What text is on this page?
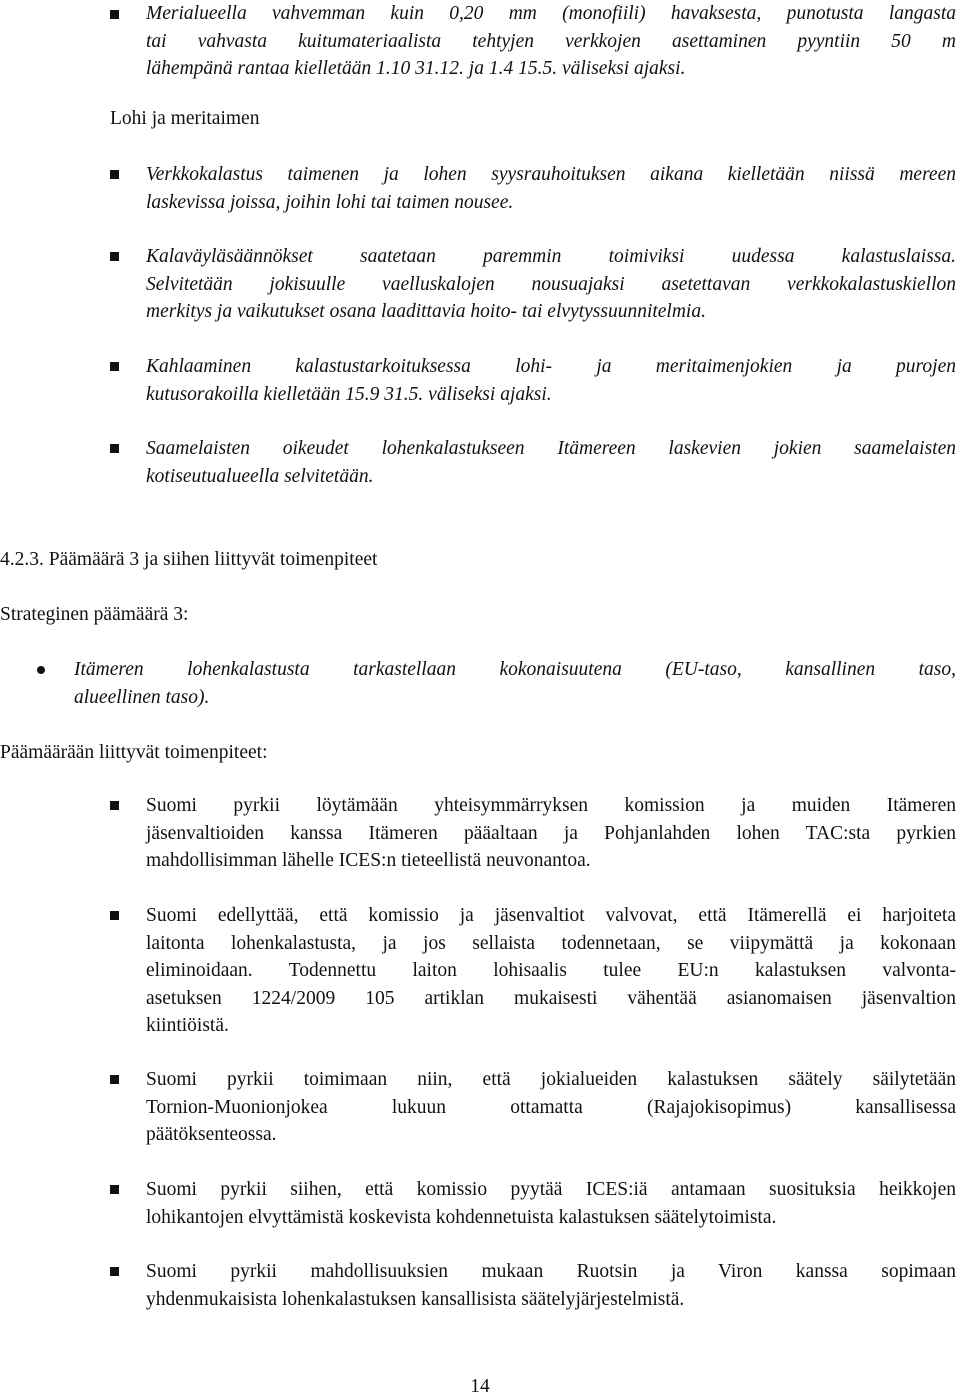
Merialueella vahvemman kuin 0,20 mm (monofiili) havaksesta, punotusta langasta
tai vahvasta kuitumateriaalista tehtyjen verkkojen asettaminen pyyntiin 50 m
lähempänä rantaa kielletään 1.10 31.12. ja 1.4 15.5. väliseksi ajaksi.

Lohi ja meritaimen

Verkkokalastus taimenen ja lohen syysrauhoituksen aikana kielletään niissä mereen
laskevissa joissa, joihin lohi tai taimen nousee.
Kalaväyläsäännökset saatetaan paremmin toimiviksi uudessa kalastuslaissa.
Selvitetään jokisuulle vaelluskalojen nousuajaksi asetettavan verkkokalastuskiellon
merkitys ja vaikutukset osana laadittavia hoito- tai elvytyssuunnitelmia.
Kahlaaminen kalastustarkoituksessa lohi- ja meritaimenjokien ja purojen
kutusorakoilla kielletään 15.9 31.5. väliseksi ajaksi.
Saamelaisten oikeudet lohenkalastukseen Itämereen laskevien jokien saamelaisten
kotiseutualueella selvitetään.

4.2.3. Päämäärä 3 ja siihen liittyvät toimenpiteet

Strateginen päämäärä 3:

Itämeren lohenkalastusta tarkastellaan kokonaisuutena (EU-taso, kansallinen taso,
alueellinen taso).

Päämäärään liittyvät toimenpiteet:

Suomi pyrkii löytämään yhteisymmärryksen komission ja muiden Itämeren
jäsenvaltioiden kanssa Itämeren pääaltaan ja Pohjanlahden lohen TAC:sta pyrkien
mahdollisimman lähelle ICES:n tieteellistä neuvonantoa.
Suomi edellyttää, että komissio ja jäsenvaltiot valvovat, että Itämerellä ei harjoiteta
laitonta lohenkalastusta, ja jos sellaista todennetaan, se viipymättä ja kokonaan
eliminoidaan. Todennettu laiton lohisaalis tulee EU:n kalastuksen valvonta-
asetuksen 1224/2009 105 artiklan mukaisesti vähentää asianomaisen jäsenvaltion
kiintiöistä.
Suomi pyrkii toimimaan niin, että jokialueiden kalastuksen säätely säilytetään
Tornion-Muonionjokea lukuun ottamatta (Rajajokisopimus) kansallisessa
päätöksenteossa.
Suomi pyrkii siihen, että komissio pyytää ICES:iä antamaan suosituksia heikkojen
lohikantojen elvyttämistä koskevista kohdennetuista kalastuksen säätelytoimista.
Suomi pyrkii mahdollisuuksien mukaan Ruotsin ja Viron kanssa sopimaan
yhdenmukaisista lohenkalastuksen kansallisista säätelyjärjestelmistä.
14
